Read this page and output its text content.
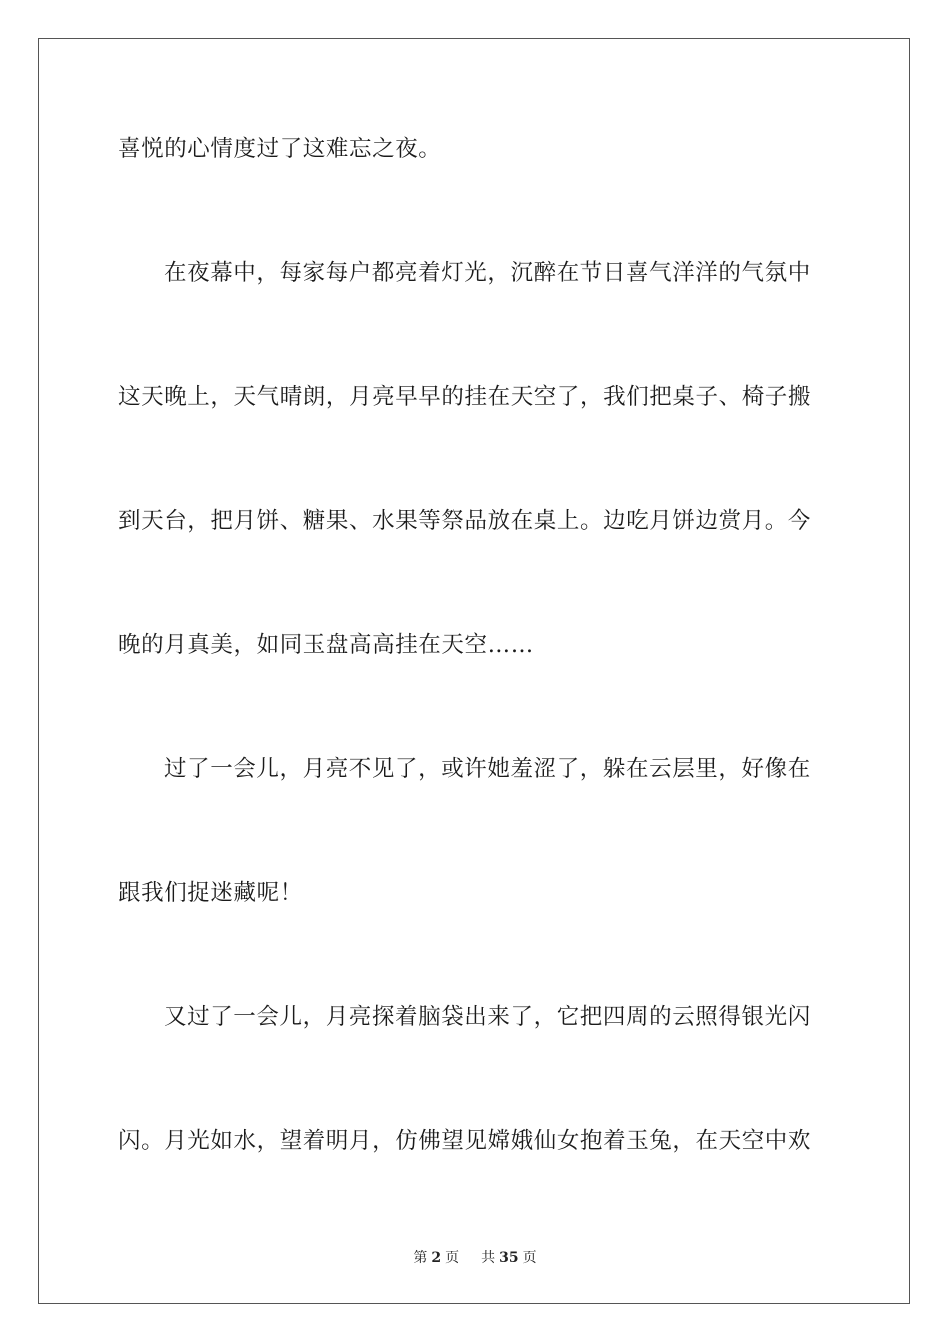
喜悦的心情度过了这难忘之夜。
在夜幕中，每家每户都亮着灯光，沉醉在节日喜气洋洋的气氛中
这天晚上，天气晴朗，月亮早早的挂在天空了，我们把桌子、椅子搬
到天台，把月饼、糖果、水果等祭品放在桌上。边吃月饼边赏月。今
晚的月真美，如同玉盘高高挂在天空……
过了一会儿，月亮不见了，或许她羞涩了，躲在云层里，好像在
跟我们捉迷藏呢！
又过了一会儿，月亮探着脑袋出来了，它把四周的云照得银光闪
闪。月光如水，望着明月，仿佛望见嫦娥仙女抱着玉兔，在天空中欢
第 2 页 共 35 页
